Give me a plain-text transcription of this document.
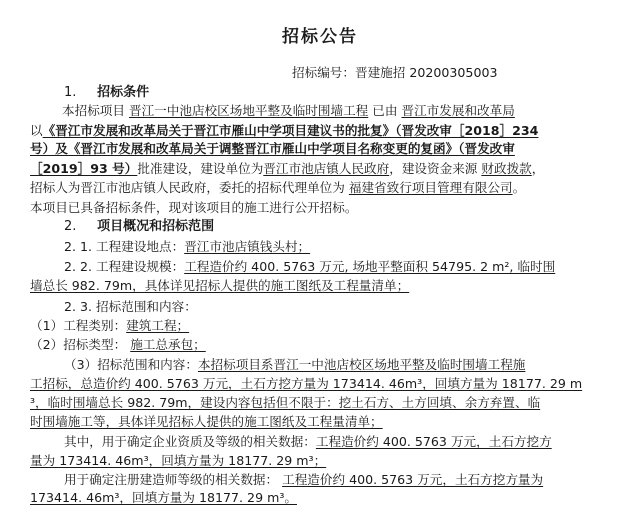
招标公告
招标编号：晋建施招 20200305003
1. 招标条件
本招标项目 晋江一中池店校区场地平整及临时围墙工程 已由 晋江市发展和改革局
以《晋江市发展和改革局关于晋江市雁山中学项目建议书的批复》（晋发改审［2018］234
号）及《晋江市发展和改革局关于调整晋江市雁山中学项目名称变更的复函》（晋发改审
［2019］93 号）批准建设，建设单位为晋江市池店镇人民政府，建设资金来源 财政拨款，
招标人为晋江市池店镇人民政府，委托的招标代理单位为 福建省致行项目管理有限公司。
本项目已具备招标条件，现对该项目的施工进行公开招标。
2. 项目概况和招标范围
2. 1. 工程建设地点：晋江市池店镇钱头村；
2. 2. 工程建设规模：工程造价约 400. 5763 万元, 场地平整面积 54795. 2 m², 临时围
墙总长 982. 79m，具体详见招标人提供的施工图纸及工程量清单；
2. 3. 招标范围和内容：
（1）工程类别：建筑工程；
（2）招标类型： 施工总承包；
（3）招标范围和内容：本招标项目系晋江一中池店校区场地平整及临时围墙工程施
工招标，总造价约 400. 5763 万元，土石方挖方量为 173414. 46m³，回填方量为 18177. 29 m
³，临时围墙总长 982. 79m，建设内容包括但不限于：挖土石方、土方回填、余方弃置、临
时围墙施工等，具体详见招标人提供的施工图纸及工程量清单；
其中，用于确定企业资质及等级的相关数据：工程造价约 400. 5763 万元，土石方挖方
量为 173414. 46m³，回填方量为 18177. 29 m³；
用于确定注册建造师等级的相关数据： 工程造价约 400. 5763 万元，土石方挖方量为
173414. 46m³，回填方量为 18177. 29 m³。
